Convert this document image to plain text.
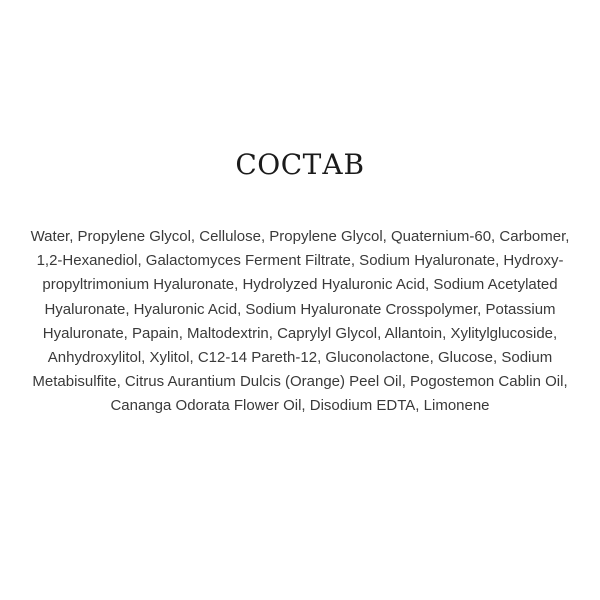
СОСТАВ

Water, Propylene Glycol, Cellulose, Propylene Glycol, Quaternium-60, Carbomer, 1,2-Hexanediol, Galactomyces Ferment Filtrate, Sodium Hyaluronate, Hydroxy-propyltrimonium Hyaluronate, Hydrolyzed Hyaluronic Acid, Sodium Acetylated Hyaluronate, Hyaluronic Acid, Sodium Hyaluronate Crosspolymer, Potassium Hyaluronate, Papain, Maltodextrin, Caprylyl Glycol, Allantoin, Xylitylglucoside, Anhydroxylitol, Xylitol, C12-14 Pareth-12, Gluconolactone, Glucose, Sodium Metabisulfite, Citrus Aurantium Dulcis (Orange) Peel Oil, Pogostemon Cablin Oil, Cananga Odorata Flower Oil, Disodium EDTA, Limonene
